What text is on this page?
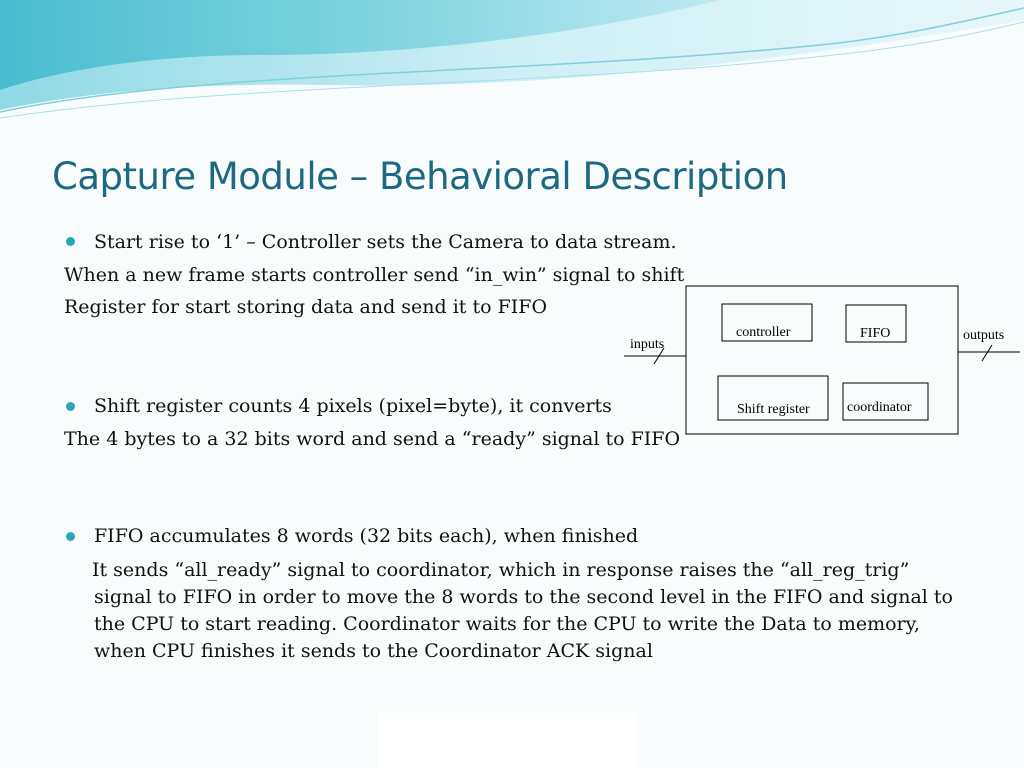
Capture Module – Behavioral Description
Start rise to ‘1’ – Controller sets the Camera to data stream.
When a new frame starts controller send “in_win” signal to shift
Register for start storing data and send it to FIFO
Shift register counts 4 pixels (pixel=byte), it converts
The 4 bytes to a 32 bits word and send a “ready” signal to FIFO
FIFO accumulates 8 words (32 bits each), when finished
It sends “all_ready” signal to coordinator, which in response raises the “all_reg_trig”
signal to FIFO in order to move the 8 words to the second level in the FIFO and signal to
the CPU to start reading. Coordinator waits for the CPU to write the Data to memory,
when CPU finishes it sends to the Coordinator ACK signal
controller	FIFO
Shift register	coordinator
inputs
outputs
